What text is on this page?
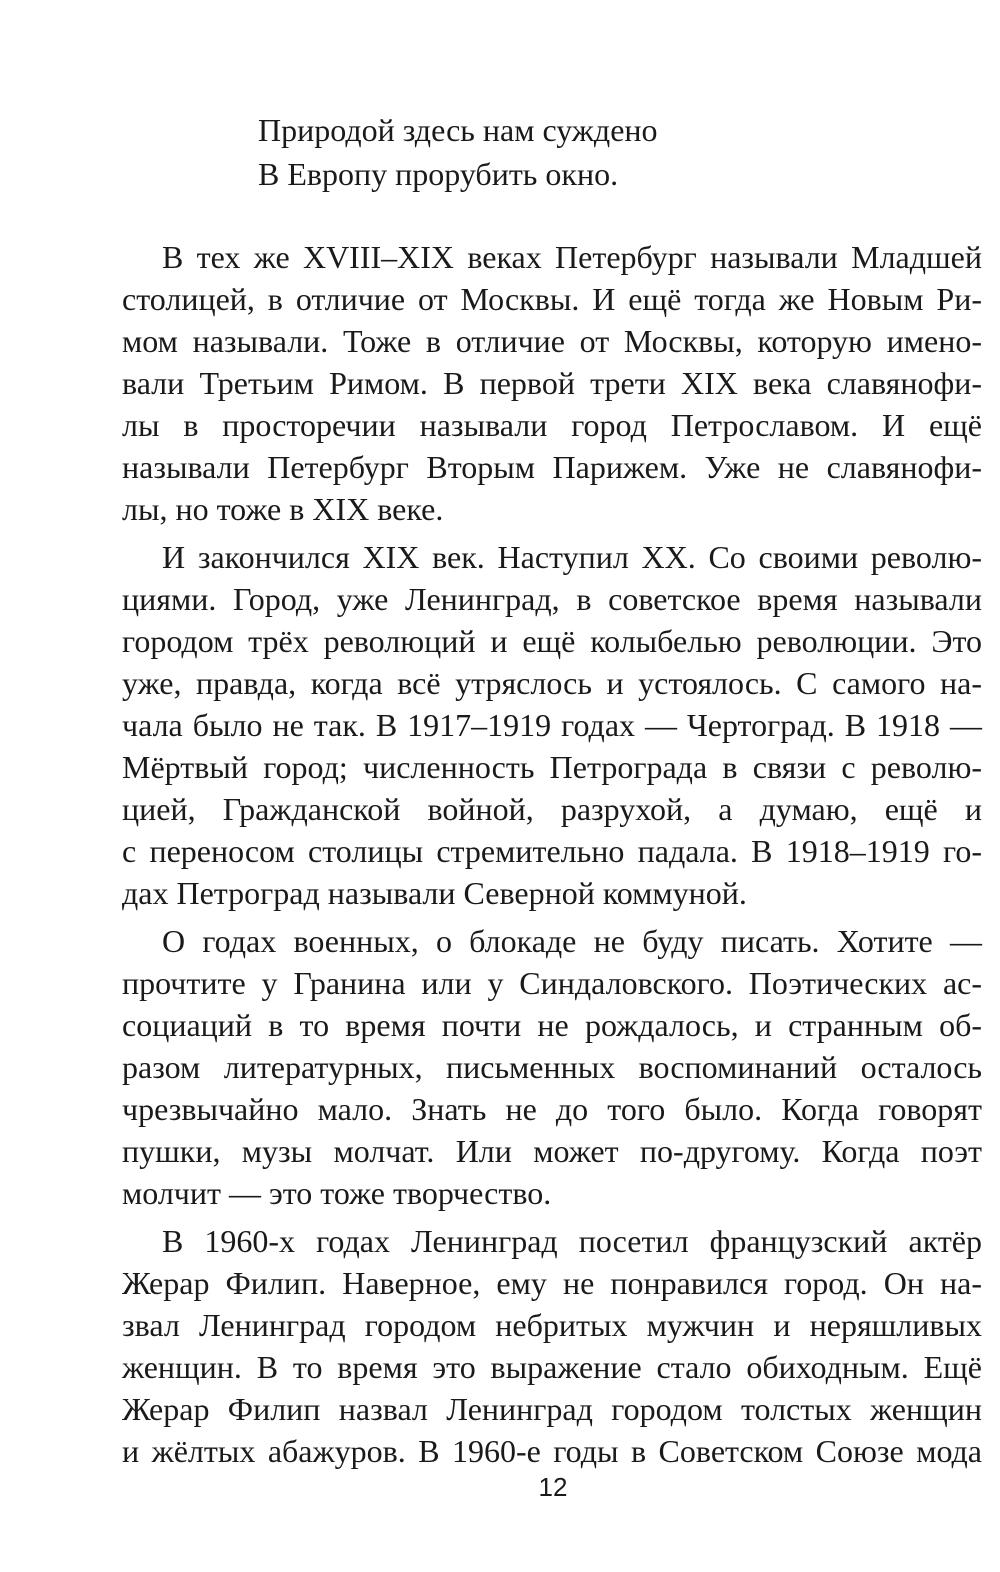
Природой здесь нам суждено
В Европу прорубить окно.
В тех же XVIII–XIX веках Петербург называли Младшей
столицей, в отличие от Москвы. И ещё тогда же Новым Ри-
мом называли. Тоже в отличие от Москвы, которую имено-
вали Третьим Римом. В первой трети XIX века славянофи-
лы в просторечии называли город Петрославом. И ещё
называли Петербург Вторым Парижем. Уже не славянофи-
лы, но тоже в XIX веке.
И закончился XIX век. Наступил XX. Со своими револю-
циями. Город, уже Ленинград, в советское время называли
городом трёх революций и ещё колыбелью революции. Это
уже, правда, когда всё утряслось и устоялось. С самого на-
чала было не так. В 1917–1919 годах — Чертоград. В 1918 —
Мёртвый город; численность Петрограда в связи с револю-
цией, Гражданской войной, разрухой, а думаю, ещё и
с переносом столицы стремительно падала. В 1918–1919 го-
дах Петроград называли Северной коммуной.
О годах военных, о блокаде не буду писать. Хотите —
прочтите у Гранина или у Синдаловского. Поэтических ас-
социаций в то время почти не рождалось, и странным об-
разом литературных, письменных воспоминаний осталось
чрезвычайно мало. Знать не до того было. Когда говорят
пушки, музы молчат. Или может по-другому. Когда поэт
молчит — это тоже творчество.
В 1960-х годах Ленинград посетил французский актёр
Жерар Филип. Наверное, ему не понравился город. Он на-
звал Ленинград городом небритых мужчин и неряшливых
женщин. В то время это выражение стало обиходным. Ещё
Жерар Филип назвал Ленинград городом толстых женщин
и жёлтых абажуров. В 1960-е годы в Советском Союзе мода
12
